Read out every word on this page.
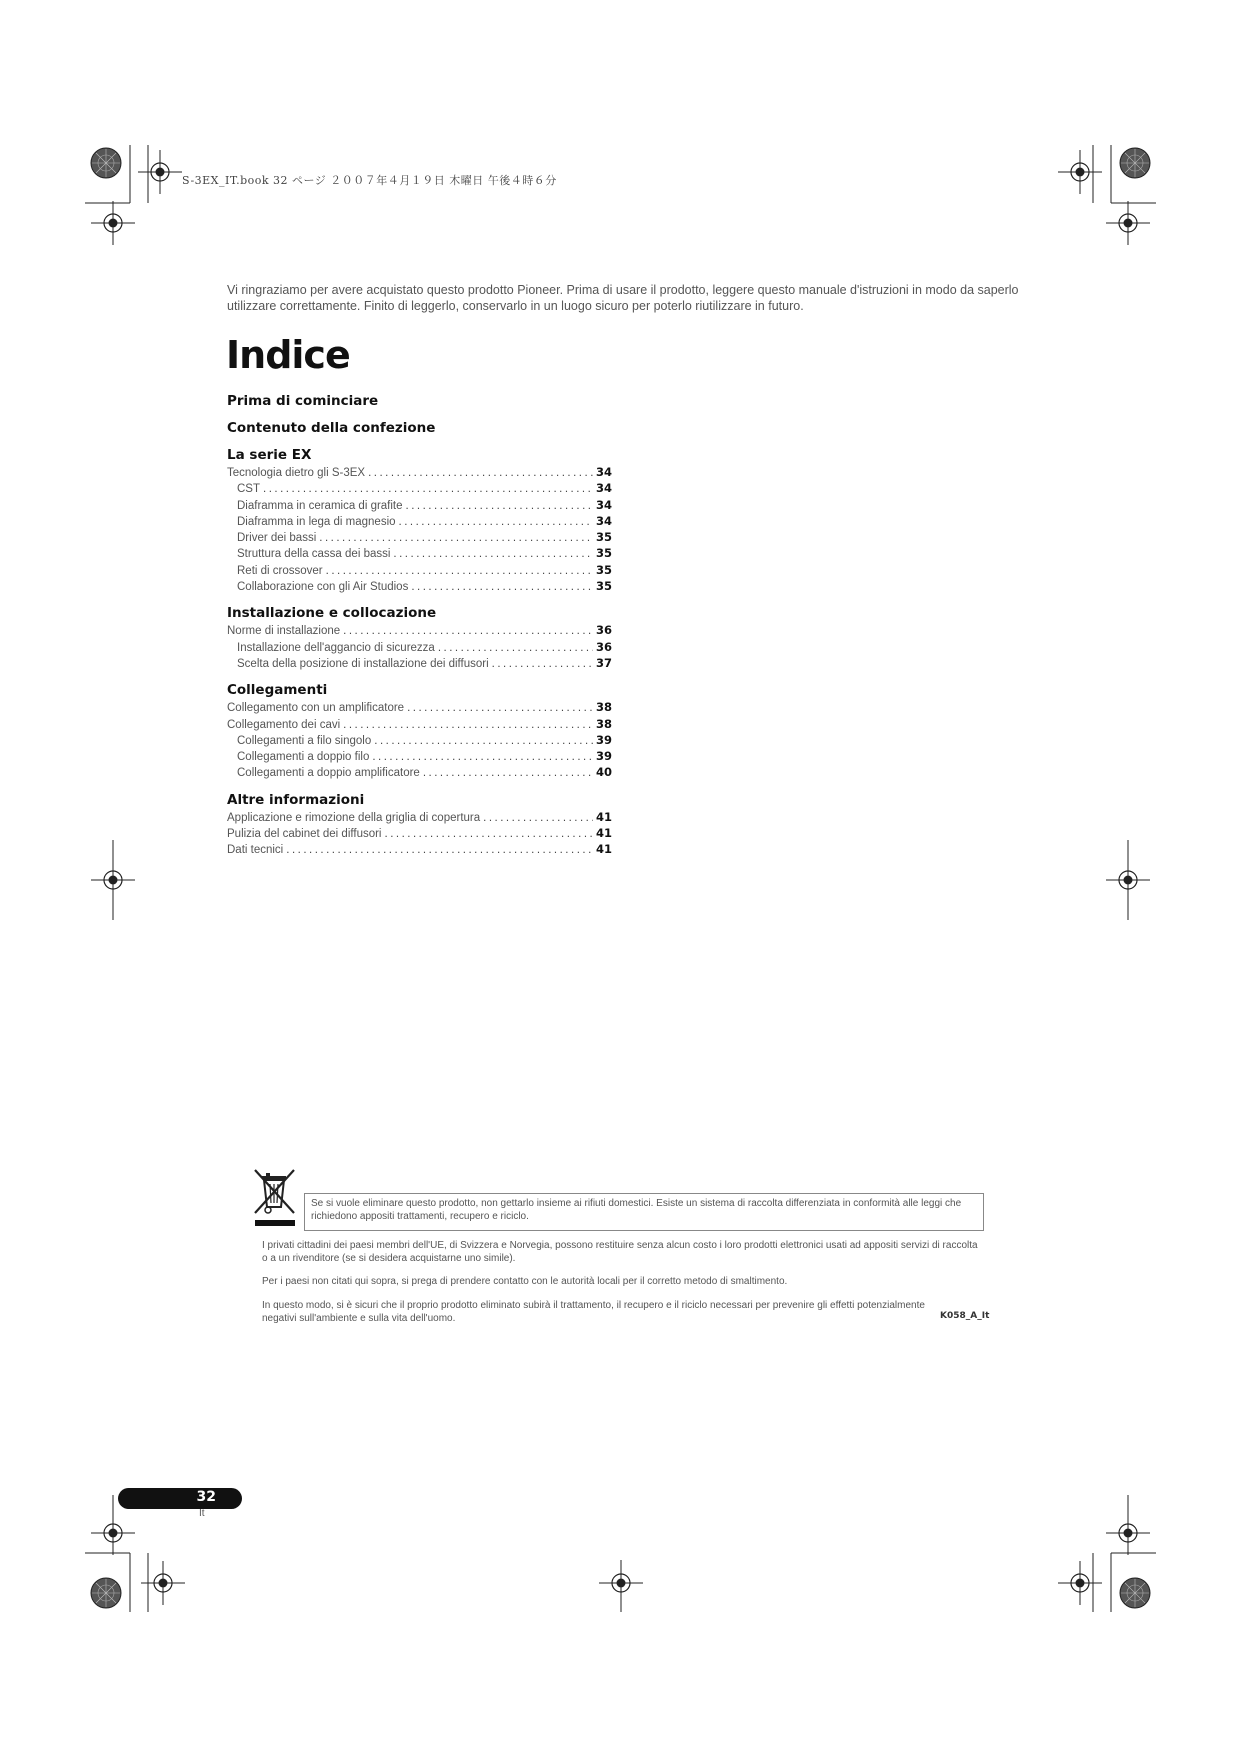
S-3EX_IT.book 32 ページ ２００７年４月１９日 木曜日 午後４時６分
Vi ringraziamo per avere acquistato questo prodotto Pioneer. Prima di usare il prodotto, leggere questo manuale d'istruzioni in modo da saperlo utilizzare correttamente. Finito di leggerlo, conservarlo in un luogo sicuro per poterlo riutilizzare in futuro.
Indice
Prima di cominciare
Contenuto della confezione
La serie EX
Tecnologia dietro gli S-3EX .....	34
CST .....	34
Diaframma in ceramica di grafite .....	34
Diaframma in lega di magnesio .....	34
Driver dei bassi .....	35
Struttura della cassa dei bassi .....	35
Reti di crossover .....	35
Collaborazione con gli Air Studios .....	35
Installazione e collocazione
Norme di installazione .....	36
Installazione dell'aggancio di sicurezza .....	36
Scelta della posizione di installazione dei diffusori .....	37
Collegamenti
Collegamento con un amplificatore .....	38
Collegamento dei cavi .....	38
Collegamenti a filo singolo .....	39
Collegamenti a doppio filo .....	39
Collegamenti a doppio amplificatore .....	40
Altre informazioni
Applicazione e rimozione della griglia di copertura .....	41
Pulizia del cabinet dei diffusori .....	41
Dati tecnici .....	41
Se si vuole eliminare questo prodotto, non gettarlo insieme ai rifiuti domestici. Esiste un sistema di raccolta differenziata in conformità alle leggi che richiedono appositi trattamenti, recupero e riciclo.
I privati cittadini dei paesi membri dell'UE, di Svizzera e Norvegia, possono restituire senza alcun costo i loro prodotti elettronici usati ad appositi servizi di raccolta o a un rivenditore (se si desidera acquistarne uno simile).
Per i paesi non citati qui sopra, si prega di prendere contatto con le autorità locali per il corretto metodo di smaltimento.
In questo modo, si è sicuri che il proprio prodotto eliminato subirà il trattamento, il recupero e il riciclo necessari per prevenire gli effetti potenzialmente negativi sull'ambiente e sulla vita dell'uomo.	K058_A_It
32
It
